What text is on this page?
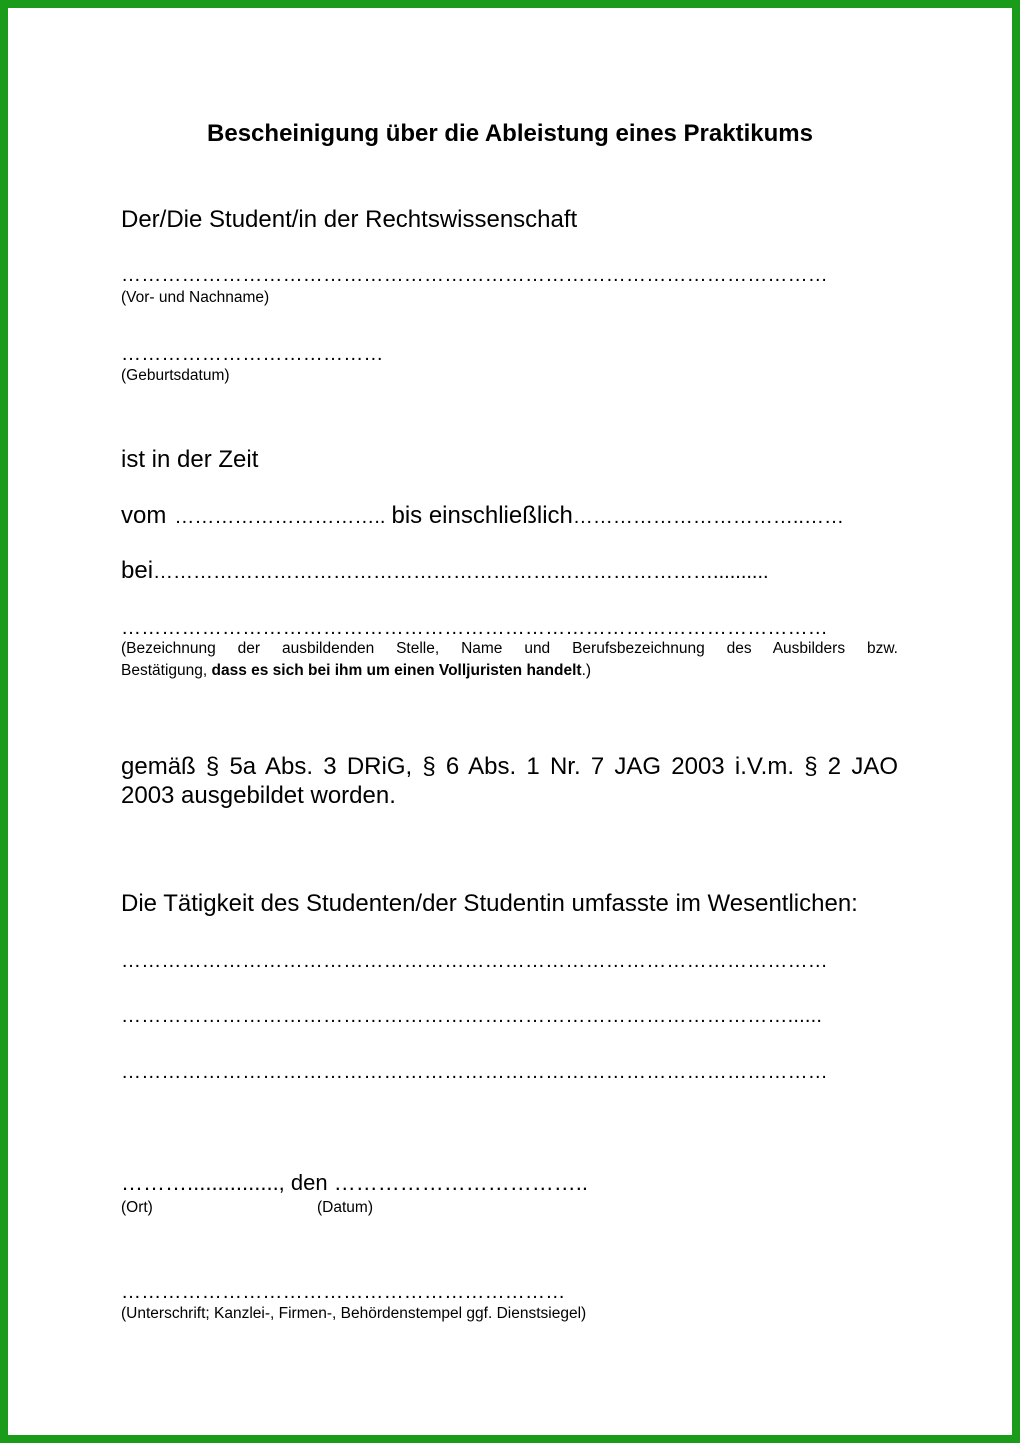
Bescheinigung über die Ableistung eines Praktikums
Der/Die Student/in der Rechtswissenschaft
……………………………………………………………………………………………
(Vor- und Nachname)
…………………………………
(Geburtsdatum)
ist in der Zeit
vom ………………………….. bis einschließlich ……………………………..……
bei …………………………………………………………………………..........
……………………………………………………………………………………………
(Bezeichnung der ausbildenden Stelle, Name und Berufsbezeichnung des Ausbilders bzw.
Bestätigung, dass es sich bei ihm um einen Volljuristen handelt.)
gemäß § 5a Abs. 3 DRiG, § 6 Abs. 1 Nr. 7 JAG 2003 i.V.m. § 2 JAO
2003 ausgebildet worden.
Die Tätigkeit des Studenten/der Studentin umfasste im Wesentlichen:
……………………………………………………………………………………………
………………………………………………………………………………………......
……………………………………………………………………………………………
………..............., den ……………………………..
(Ort)	(Datum)
…………………………………………………………
(Unterschrift; Kanzlei-, Firmen-, Behördenstempel ggf. Dienstsiegel)
